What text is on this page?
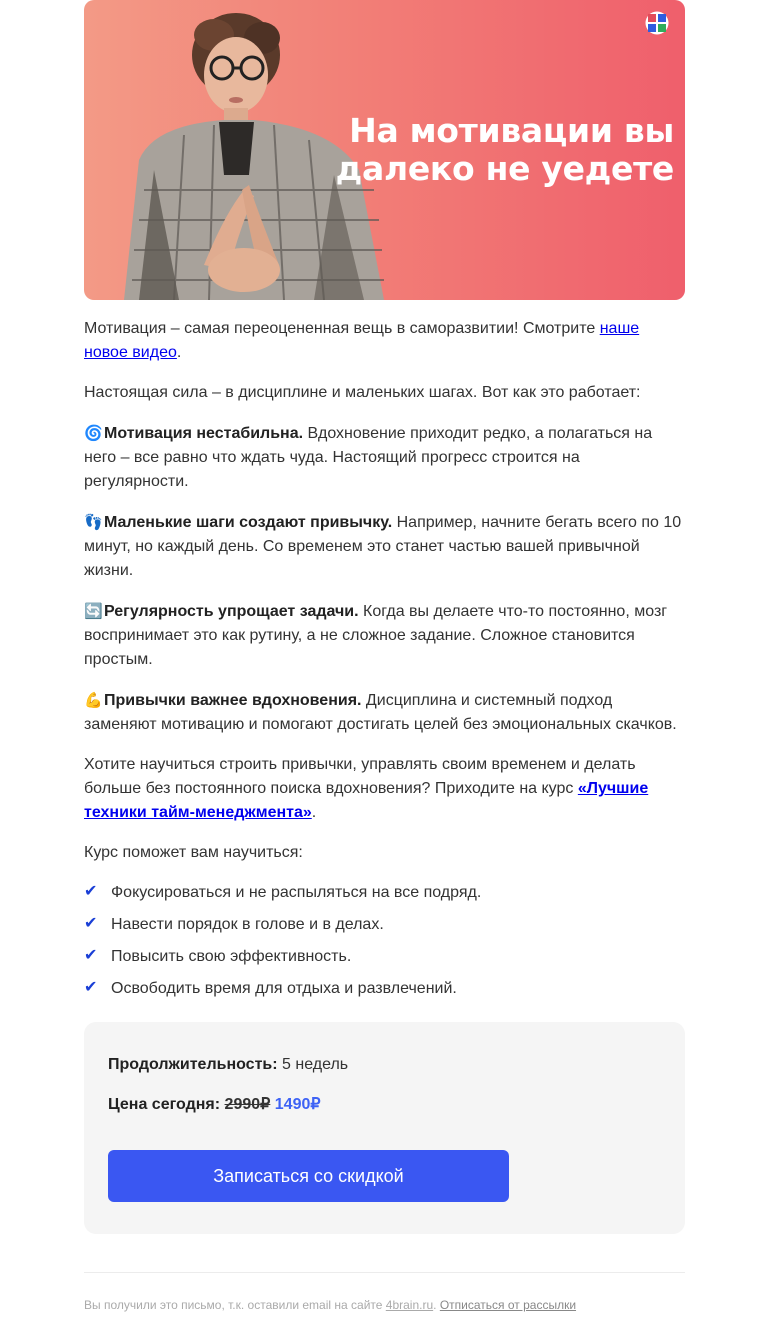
На мотивации вы
далеко не уедете

Мотивация – самая переоцененная вещь в саморазвитии! Смотрите наше новое видео.

Настоящая сила – в дисциплине и маленьких шагах. Вот как это работает:

🌀Мотивация нестабильна. Вдохновение приходит редко, а полагаться на него – все равно что ждать чуда. Настоящий прогресс строится на регулярности.

👣Маленькие шаги создают привычку. Например, начните бегать всего по 10 минут, но каждый день. Со временем это станет частью вашей привычной жизни.

🔄Регулярность упрощает задачи. Когда вы делаете что-то постоянно, мозг воспринимает это как рутину, а не сложное задание. Сложное становится простым.

💪Привычки важнее вдохновения. Дисциплина и системный подход заменяют мотивацию и помогают достигать целей без эмоциональных скачков.

Хотите научиться строить привычки, управлять своим временем и делать больше без постоянного поиска вдохновения? Приходите на курс «Лучшие техники тайм-менеджмента».

Курс поможет вам научиться:

✔ Фокусироваться и не распыляться на все подряд.
✔ Навести порядок в голове и в делах.
✔ Повысить свою эффективность.
✔ Освободить время для отдыха и развлечений.
Продолжительность: 5 недель
Цена сегодня: 2990₽ 1490₽
Записаться со скидкой
Вы получили это письмо, т.к. оставили email на сайте 4brain.ru. Отписаться от рассылки
